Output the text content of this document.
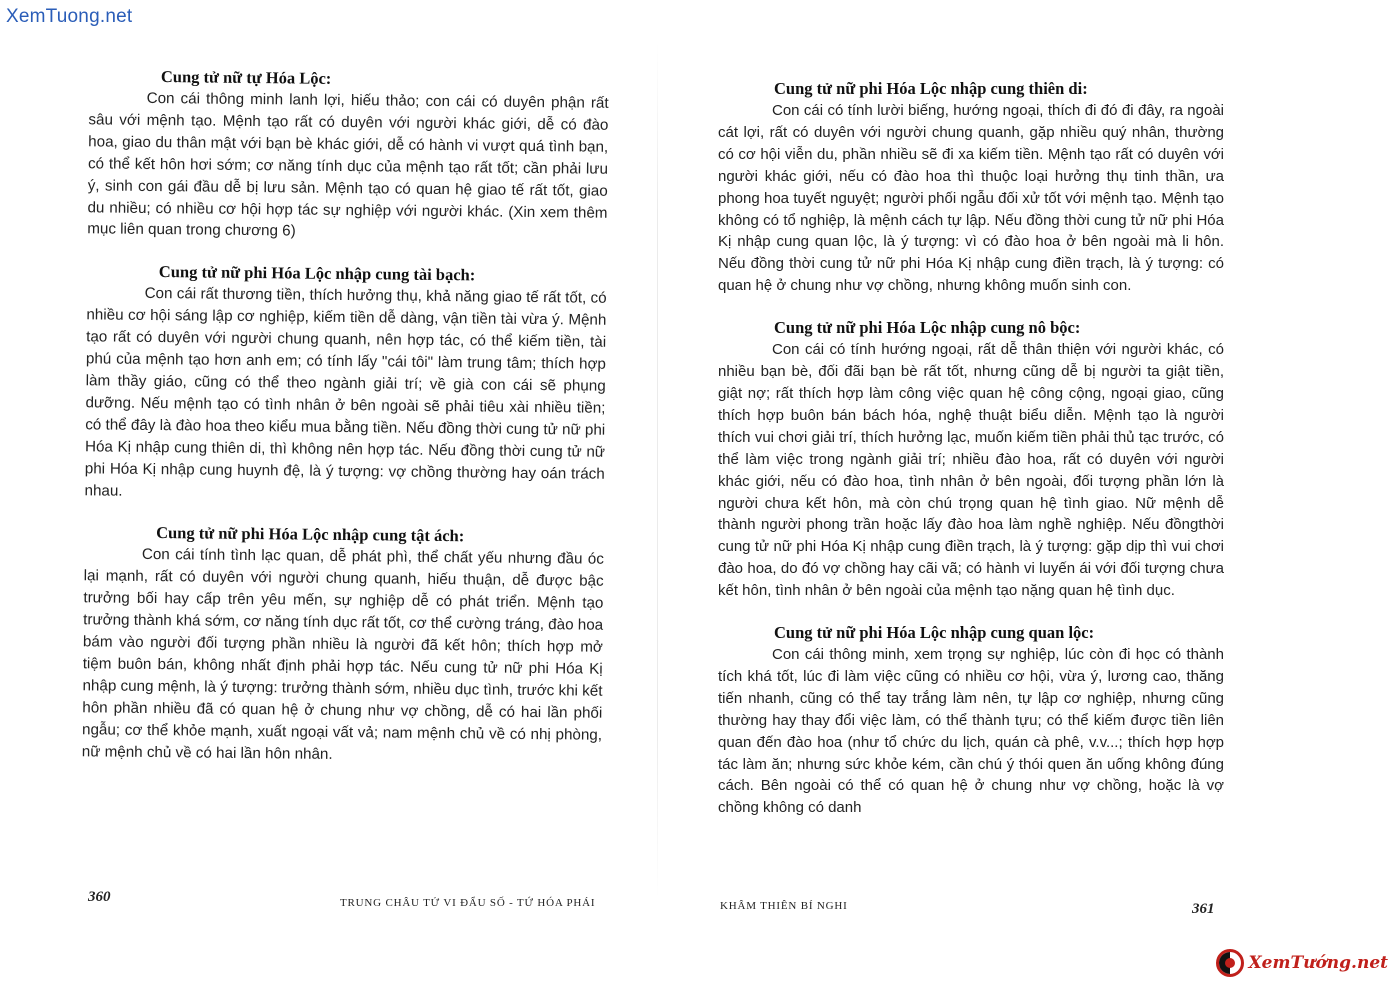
XemTuong.net

Cung tử nữ tự Hóa Lộc:

Con cái thông minh lanh lợi, hiếu thảo; con cái có duyên phận rất sâu với mệnh tạo. Mệnh tạo rất có duyên với người khác giới, dễ có đào hoa, giao du thân mật với bạn bè khác giới, dễ có hành vi vượt quá tình bạn, có thể kết hôn hơi sớm; cơ năng tính dục của mệnh tạo rất tốt; cần phải lưu ý, sinh con gái đầu dễ bị lưu sản. Mệnh tạo có quan hệ giao tế rất tốt, giao du nhiều; có nhiều cơ hội hợp tác sự nghiệp với người khác. (Xin xem thêm mục liên quan trong chương 6)

Cung tử nữ phi Hóa Lộc nhập cung tài bạch:

Con cái rất thương tiền, thích hưởng thụ, khả năng giao tế rất tốt, có nhiều cơ hội sáng lập cơ nghiệp, kiếm tiền dễ dàng, vận tiền tài vừa ý. Mệnh tạo rất có duyên với người chung quanh, nên hợp tác, có thể kiếm tiền, tài phú của mệnh tạo hơn anh em; có tính lấy "cái tôi" làm trung tâm; thích hợp làm thầy giáo, cũng có thể theo ngành giải trí; về già con cái sẽ phụng dưỡng. Nếu mệnh tạo có tình nhân ở bên ngoài sẽ phải tiêu xài nhiều tiền; có thể đây là đào hoa theo kiểu mua bằng tiền. Nếu đồng thời cung tử nữ phi Hóa Kị nhập cung thiên di, thì không nên hợp tác. Nếu đồng thời cung tử nữ phi Hóa Kị nhập cung huynh đệ, là ý tượng: vợ chồng thường hay oán trách nhau.

Cung tử nữ phi Hóa Lộc nhập cung tật ách:

Con cái tính tình lạc quan, dễ phát phì, thể chất yếu nhưng đầu óc lại mạnh, rất có duyên với người chung quanh, hiếu thuận, dễ được bậc trưởng bối hay cấp trên yêu mến, sự nghiệp dễ có phát triển. Mệnh tạo trưởng thành khá sớm, cơ năng tính dục rất tốt, cơ thể cường tráng, đào hoa bám vào người đối tượng phần nhiều là người đã kết hôn; thích hợp mở tiệm buôn bán, không nhất định phải hợp tác. Nếu cung tử nữ phi Hóa Kị nhập cung mệnh, là ý tượng: trưởng thành sớm, nhiều dục tình, trước khi kết hôn phần nhiều đã có quan hệ ở chung như vợ chồng, dễ có hai lần phối ngẫu; cơ thể khỏe mạnh, xuất ngoại vất vả; nam mệnh chủ về có nhị phòng, nữ mệnh chủ về có hai lần hôn nhân.

360	TRUNG CHÂU TỬ VI ĐẨU SỐ - TỨ HÓA PHÁI

Cung tử nữ phi Hóa Lộc nhập cung thiên di:

Con cái có tính lười biếng, hướng ngoại, thích đi đó đi đây, ra ngoài cát lợi, rất có duyên với người chung quanh, gặp nhiều quý nhân, thường có cơ hội viễn du, phần nhiều sẽ đi xa kiếm tiền. Mệnh tạo rất có duyên với người khác giới, nếu có đào hoa thì thuộc loại hưởng thụ tinh thần, ưa phong hoa tuyết nguyệt; người phối ngẫu đối xử tốt với mệnh tạo. Mệnh tạo không có tổ nghiệp, là mệnh cách tự lập. Nếu đồng thời cung tử nữ phi Hóa Kị nhập cung quan lộc, là ý tượng: vì có đào hoa ở bên ngoài mà li hôn. Nếu đồng thời cung tử nữ phi Hóa Kị nhập cung điền trạch, là ý tượng: có quan hệ ở chung như vợ chồng, nhưng không muốn sinh con.

Cung tử nữ phi Hóa Lộc nhập cung nô bộc:

Con cái có tính hướng ngoại, rất dễ thân thiện với người khác, có nhiều bạn bè, đối đãi bạn bè rất tốt, nhưng cũng dễ bị người ta giật tiền, giật nợ; rất thích hợp làm công việc quan hệ công cộng, ngoại giao, cũng thích hợp buôn bán bách hóa, nghệ thuật biểu diễn. Mệnh tạo là người thích vui chơi giải trí, thích hưởng lạc, muốn kiếm tiền phải thủ tạc trước, có thể làm việc trong ngành giải trí; nhiều đào hoa, rất có duyên với người khác giới, nếu có đào hoa, tình nhân ở bên ngoài, đối tượng phần lớn là người chưa kết hôn, mà còn chú trọng quan hệ tình giao. Nữ mệnh dễ thành người phong trần hoặc lấy đào hoa làm nghề nghiệp. Nếu đồngthời cung tử nữ phi Hóa Kị nhập cung điền trạch, là ý tượng: gặp dịp thì vui chơi đào hoa, do đó vợ chồng hay cãi vã; có hành vi luyến ái với đối tượng chưa kết hôn, tình nhân ở bên ngoài của mệnh tạo nặng quan hệ tình dục.

Cung tử nữ phi Hóa Lộc nhập cung quan lộc:

Con cái thông minh, xem trọng sự nghiệp, lúc còn đi học có thành tích khá tốt, lúc đi làm việc cũng có nhiều cơ hội, vừa ý, lương cao, thăng tiến nhanh, cũng có thể tay trắng làm nên, tự lập cơ nghiệp, nhưng cũng thường hay thay đổi việc làm, có thể thành tựu; có thể kiếm được tiền liên quan đến đào hoa (như tổ chức du lịch, quán cà phê, v.v...; thích hợp hợp tác làm ăn; nhưng sức khỏe kém, cần chú ý thói quen ăn uống không đúng cách. Bên ngoài có thể có quan hệ ở chung như vợ chồng, hoặc là vợ chồng không có danh

KHÂM THIÊN BÍ NGHI	361
XemTướng.net
